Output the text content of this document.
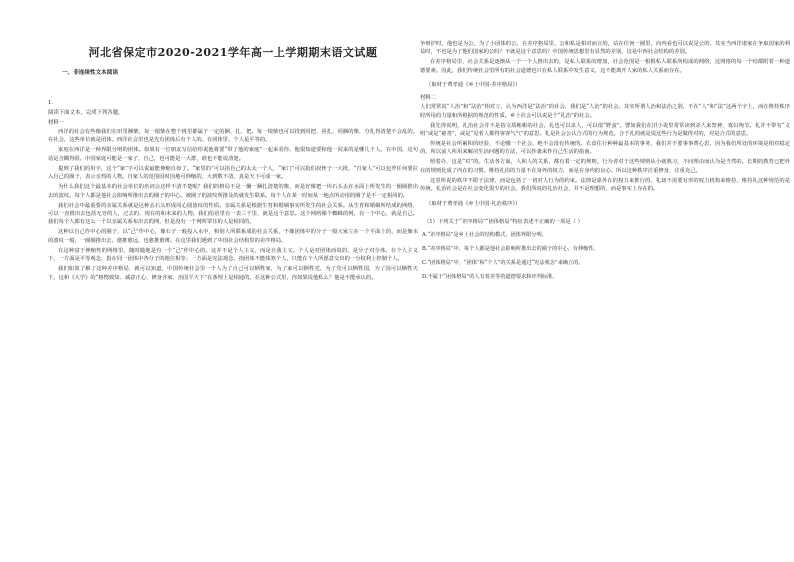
河北省保定市2020-2021学年高一上学期期末语文试题
一、非连续性文本阅读
1.
阅读下面文本，完成下列各题。
材料一

西洋的社会有些像我们在田里捆柴，每一根柴在整个挑里都属于一定的捆、扎、把。每一根柴也可以找到同把、同扎、同捆的柴，分扎得清楚不会乱的。在社会，这些单位就是团体。西洋社会里也是先有团体后有个人的。在团体里，个人是平等的。

家庭在西洋是一种界限分明的团体。如果有一位朋友写信给你说他将要“带了他的家庭”一起来看你，他很知道要和他一同来的是哪几个人。在中国，这句话是含糊得很。中国家庭可能是一家子，自己，也可能是一大群，谁也不能说清楚。

提到了我们的用字，这个“家”字可以说最能伸缩自如了。“家里的”可以指自己的太太一个人，“家门”可以指伯叔侄子一大批，“自家人”可以包罗任何要拉入自己的圈子，表示亲热的人物。自家人的范围因时因地可伸缩的，大到数不清，真是天下可成一家。

为什么我们这个最基本的社会单位的名词会这样不清不楚呢？我们的格局不是一捆一捆扎清楚的柴，而是好像把一块石头丢在水面上所发生的一圈圈推出去的波纹。每个人都是他社会影响所推出去的圈子的中心。被圈子的波纹所推及的就发生联系。每个人在某一时间某一地点所动用的圈子是不一定相同的。

我们社会中最重要的亲属关系就是这种丢石头形成同心圆波纹的性质。亲属关系是根据生育和婚姻事实所发生的社会关系。从生育和婚姻所结成的网络，可以一直推出去包括无穷的人，过去的、现在的和未来的人物。我们俗语里有一表三千里，就是这个意思。这个网络像个蜘蛛的网，有一个中心，就是自己。我们每个人都有这么一个以亲属关系布出去的网，但是没有一个网所罩住的人是相同的。

这种以自己作中心的圈子，以“己”作中心，像石子一般投入水中，和别人所联系成的社会关系，不像团体中的分子一般大家立在一个平面上的，而是像水的波纹一般，一圈圈推出去，愈推愈远，也愈推愈薄。在这里我们遇到了中国社会结构里的差序格局。

在这种富于伸缩性的网络里，随时随地是有一个“己”作中心的。这并不是个人主义，而是自我主义。个人是对团体而说的，是分子对全体。在个人主义下，一方面是平等观念，指在同一团体中各分子的地位相等；一方面是宪法观念，指团体不能抹煞个人，只能在个人所愿意交出的一分权利上控制个人。

我们如果了解了这种差序格局，就可以知道，中国传统社会里一个人为了自己可以牺牲家，为了家可以牺牲党，为了党可以牺牲国，为了国可以牺牲天下。这和《大学》的“格物致知、诚意正心、修身齐家、治国平天下”在条理上是相通的。在这种公式里，你如果说他私么？他是不能承认的。

争辩护时，他也是为公，为了小团体的公。在差序格局里，公和私是相对而言的，站在任何一圈里，向内看也可以说是公的。其实当西洋诸家在争取国家的利益时，不也是为了他们国家的公吗？不就是这个意思吗？中国传统思想里有显然的差别，这是中西社会结构的差别。

在差序格局里，社会关系是逐渐从一个一个人推出去的，是私人联系的增加，社会范围是一根根私人联系所构成的网络，这网络的每一个结都附着一种道德要素。因此，我们传统社会里所有的社会道德也只在私人联系中发生意义，这不能离开人家的私人关系而存在。

（取材于费孝通《乡土中国·差序格局》）
材料二

人们常常说“人治”和“法治”相对立，认为西洋是“法治”的社会，我们是“人治”的社会。其实所谓人治和法治之别，不在“人”和“法”这两个字上，而在维持秩序时所用的力量和所根据的规范的性质。乡土社会可以说是个“礼治”的社会。

我先得说明，礼治社会并不是指文质彬彬的社会。礼也可以杀人，可以很“野蛮”。譬如我们在旧小说里常常读到杀人来祭神，寡妇殉节。礼并不带有“文明”或是“慈善”，或是“见着人都得客客气气”的意思。礼是社会公认合式的行为规范。合于礼的就是说这些行为是做得对的，对是合式的意思。

传统是社会所累积的经验，不论哪一个社会，绝不会没有传统的。衣食住行种种最基本的事务，我们并不要事事费心思，因为我们所处的环境是相对稳定的，所以前人所用来解决生活问题的方法，可以抄袭来作自己生活的指南。

照着办，这是“对”的。生活各方面，人和人的关系，都有着一定的规则。行为者对于这些规则从小就熟习，不问理由而认为是当然的。长期的教育已把外在的规则化成了内在的习惯。维持礼俗的力量不在身外的权力，而是在身内的良心。所以这种秩序注重修身，注重克己。

这里所说的秩序不限于法律，而是包括了一切对人行为的约束。法律是靠外在的权力来推行的，礼却不需要有形的权力机构来维持，维持礼这种规范的是传统。礼治社会是在社会变化很少的社会。我们所说的礼治社会，并不是理想的，而是事实上存在的。

（取材于费孝通《乡土中国·礼治秩序》）
（1）下列关于“差序格局”“团体格局”特征表述不正确的一项是（ ）
A.“差序格局”是乡土社会的结构模式，团体界限分明。
B.“差序格局”中，每个人都是他社会影响所推出去的圈子的中心，有伸缩性。
C.“团体格局”中，“团体”和“个人”的关系是通过“宪法观念”来确立的。
D.不属于“团体格局”的人有着差等的道德要求和评判标准。
